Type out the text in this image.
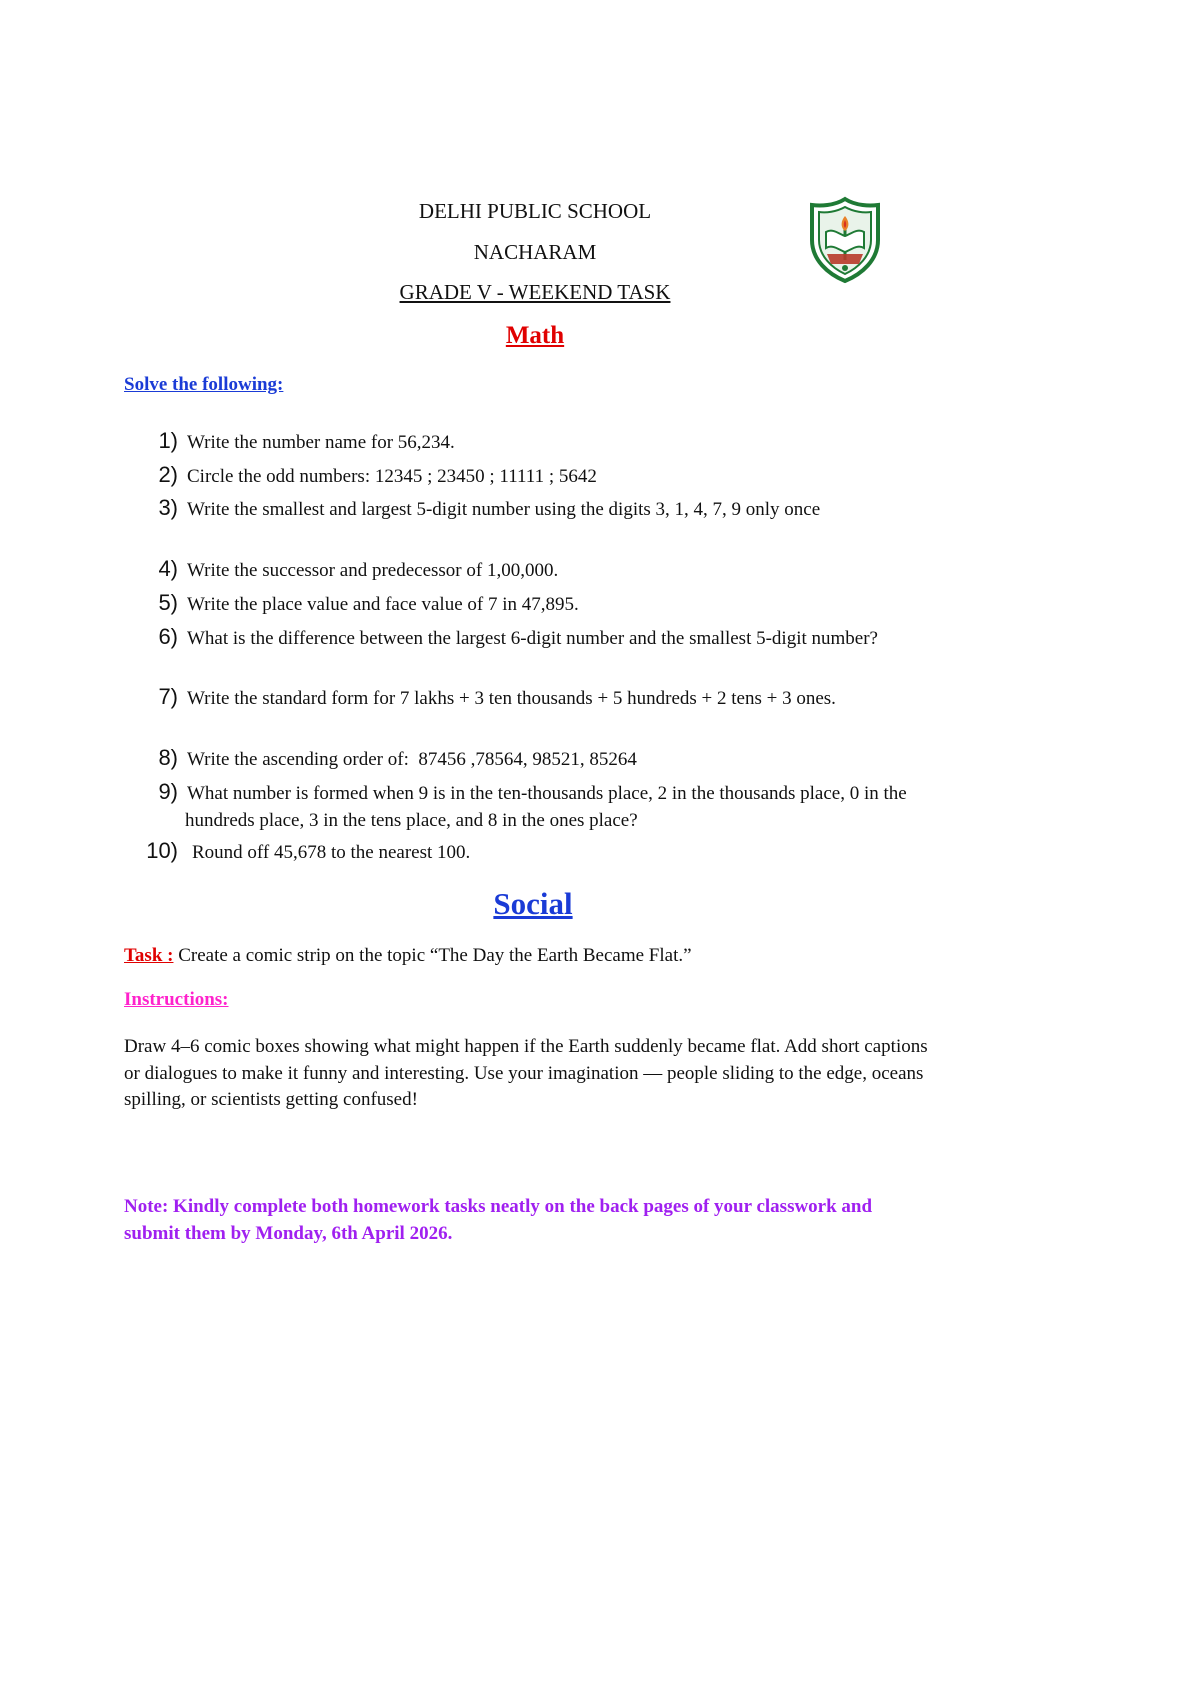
DELHI PUBLIC SCHOOL
NACHARAM
GRADE V - WEEKEND TASK
Math
Solve the following:
1) Write the number name for 56,234.
2) Circle the odd numbers: 12345 ; 23450 ; 11111 ; 5642
3) Write the smallest and largest 5-digit number using the digits 3, 1, 4, 7, 9 only once
4) Write the successor and predecessor of 1,00,000.
5) Write the place value and face value of 7 in 47,895.
6) What is the difference between the largest 6-digit number and the smallest 5-digit number?
7) Write the standard form for 7 lakhs + 3 ten thousands + 5 hundreds + 2 tens + 3 ones.
8) Write the ascending order of:  87456 ,78564, 98521, 85264
9) What number is formed when 9 is in the ten-thousands place, 2 in the thousands place, 0 in the hundreds place, 3 in the tens place, and 8 in the ones place?
10) Round off 45,678 to the nearest 100.
Social
Task : Create a comic strip on the topic “The Day the Earth Became Flat.”
Instructions:
Draw 4–6 comic boxes showing what might happen if the Earth suddenly became flat. Add short captions or dialogues to make it funny and interesting. Use your imagination — people sliding to the edge, oceans spilling, or scientists getting confused!
Note: Kindly complete both homework tasks neatly on the back pages of your classwork and submit them by Monday, 6th April 2026.
